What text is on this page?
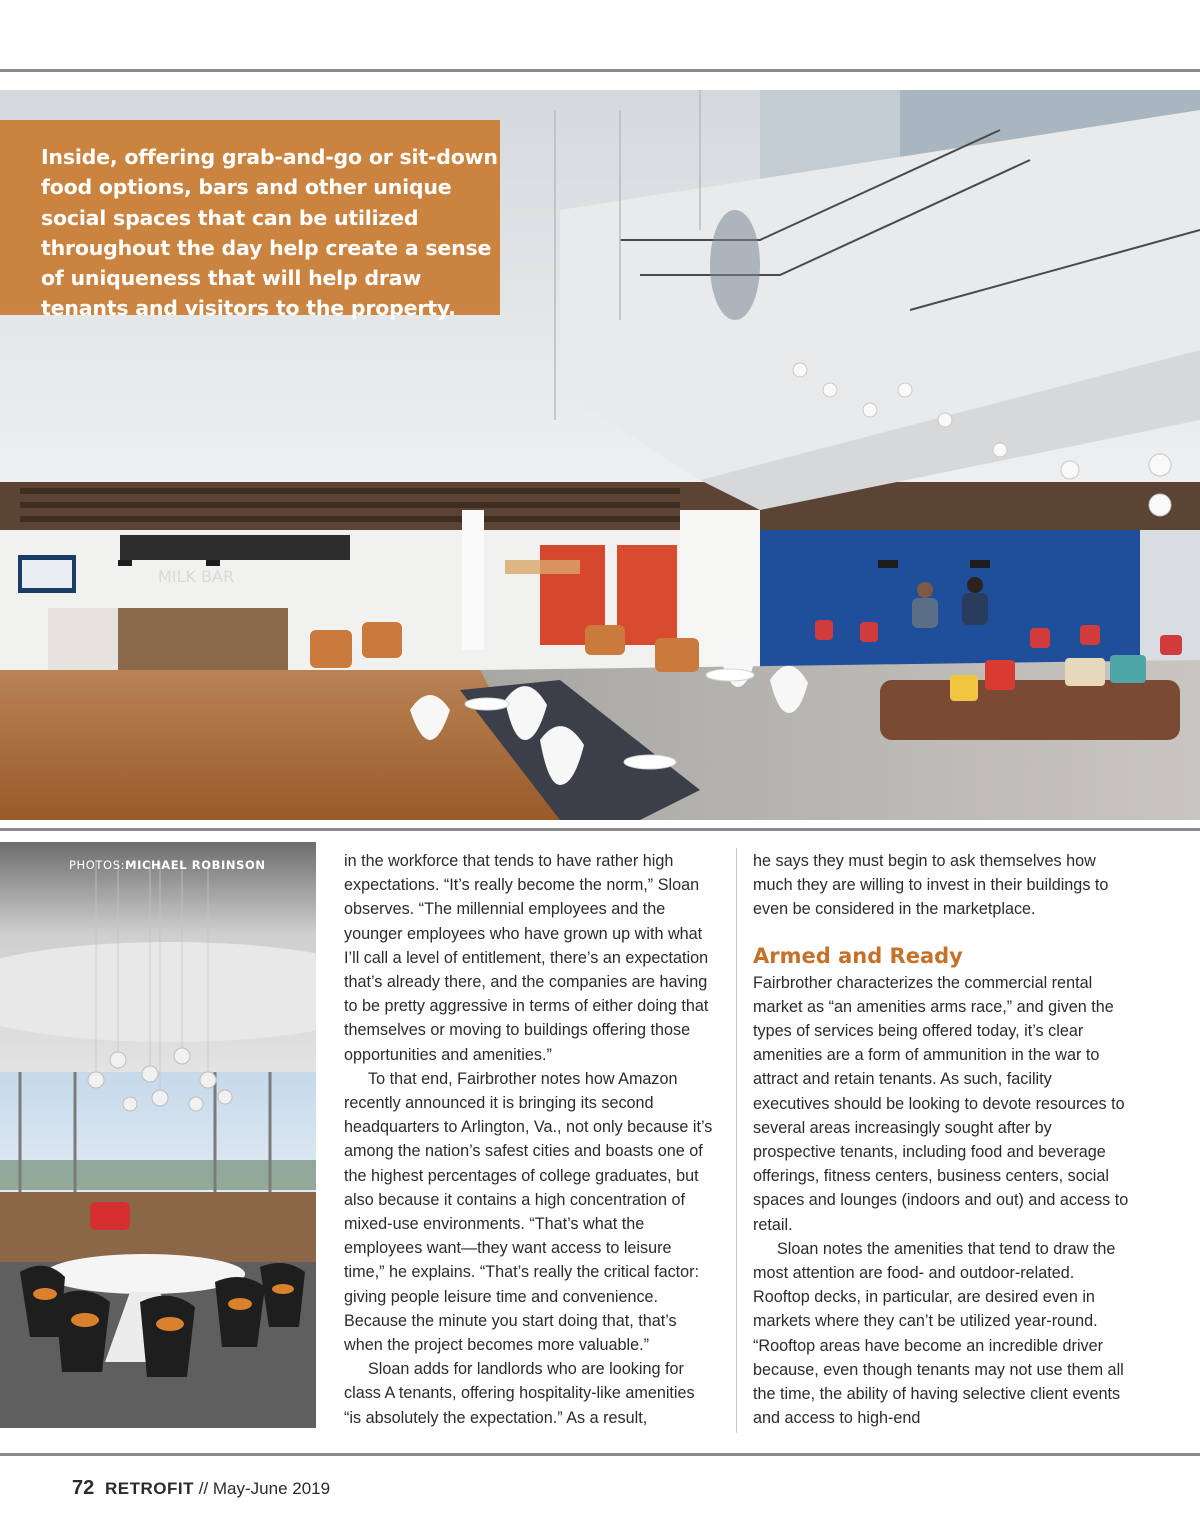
MILK BAR
Inside, offering grab-and-go or sit-down food options, bars and other unique social spaces that can be utilized throughout the day help create a sense of uniqueness that will help draw tenants and visitors to the property.
PHOTOS:MICHAEL ROBINSON	in the workforce that tends to have rather high expectations. “It’s really become the norm,” Sloan observes. “The millennial employees and the younger employees who have grown up with what I’ll call a level of entitlement, there’s an expectation that’s already there, and the companies are having to be pretty aggressive in terms of either doing that themselves or moving to buildings offering those opportunities and amenities.”

To that end, Fairbrother notes how Amazon recently announced it is bringing its second headquarters to Arlington, Va., not only because it’s among the nation’s safest cities and boasts one of the highest percentages of college graduates, but also because it contains a high concentration of mixed-use environments. “That’s what the employees want—they want access to leisure time,” he explains. “That’s really the critical factor: giving people leisure time and convenience. Because the minute you start doing that, that’s when the project becomes more valuable.”

Sloan adds for landlords who are looking for class A tenants, offering hospitality-like amenities “is absolutely the expectation.” As a result,

he says they must begin to ask themselves how much they are willing to invest in their buildings to even be considered in the marketplace.

Armed and Ready

Fairbrother characterizes the commercial rental market as “an amenities arms race,” and given the types of services being offered today, it’s clear amenities are a form of ammunition in the war to attract and retain tenants. As such, facility executives should be looking to devote resources to several areas increasingly sought after by prospective tenants, including food and beverage offerings, fitness centers, business centers, social spaces and lounges (indoors and out) and access to retail.

Sloan notes the amenities that tend to draw the most attention are food- and outdoor-related. Rooftop decks, in particular, are desired even in markets where they can’t be utilized year-round. “Rooftop areas have become an incredible driver because, even though tenants may not use them all the time, the ability of having selective client events and access to high-end

72 RETROFIT // May-June 2019
